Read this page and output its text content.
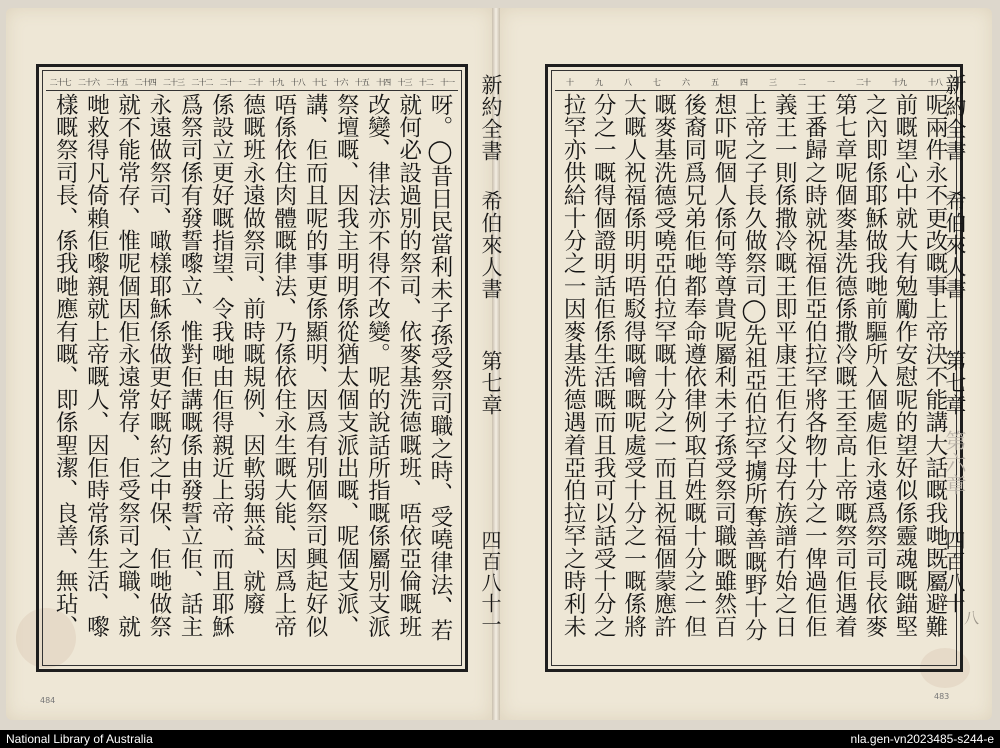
新約全書
希伯來人書
第七章
四百八十一
十一
十二
十三
十四
十五
十六
十七
十八
十九
二十
二十一
二十二
二十三
二十四
二十五
二十六
二十七
呀。◯昔日民當利未子孫受祭司職之時、受嘵律法、若
就何必設過別的祭司、依麥基洗德嘅班、唔依亞倫嘅班
改變、律法亦不得不改變。呢的說話所指嘅係屬別支派
祭壇嘅、因我主明明係從猶太個支派出嘅、呢個支派、
講、佢而且呢的事更係顯明、因爲有別個祭司興起好似
唔係依住肉體嘅律法、乃係依住永生嘅大能、因爲上帝
德嘅班永遠做祭司、前時嘅規例、因軟弱無益、就廢
係設立更好嘅指望、令我哋由佢得親近上帝、而且耶穌
爲祭司係有發誓嚟立、惟對佢講嘅係由發誓立佢、話主
永遠做祭司、噉樣耶穌係做更好嘅約之中保、佢哋做祭
就不能常存、惟呢個因佢永遠常存、佢受祭司之職、就
哋救得凡倚賴佢嚟親就上帝嘅人、因佢時常係生活、嚟
樣嘅祭司長、係我哋應有嘅、即係聖潔、良善、無玷、
十八
十九
二十
一
二
三
四
五
六
七
八
九
十
呢兩件永不更改嘅事上帝決不能講大話嘅我哋既屬避難
前嘅望心中就大有勉勵作安慰呢的望好似係靈魂嘅錨堅
之內即係耶穌做我哋前驅所入個處佢永遠爲祭司長依麥
第七章呢個麥基洗德係撒冷嘅王至高上帝嘅祭司佢遇着
王番歸之時就祝福佢亞伯拉罕將各物十分之一俾過佢佢
義王一則係撒冷嘅王即平康王佢冇父母冇族譜冇始之日
上帝之子長久做祭司◯先祖亞伯拉罕擄所奪善嘅野十分
想吓呢個人係何等尊貴呢屬利未子孫受祭司職嘅雖然百
後裔同爲兄弟佢哋都奉命遵依律例取百姓嘅十分之一但
嘅麥基洗德受嘵亞伯拉罕嘅十分之一而且祝福個蒙應許
大嘅人祝福係明明唔駁得嘅噲嘅呢處受十分之一嘅係將
分之一嘅得個證明話佢係生活嘅而且我可以話受十分之
拉罕亦供給十分之一因麥基洗德遇着亞伯拉罕之時利未
新約全書
希伯來人書
第七章
第六章
四百八十
八
484	483
National Library of Australia	nla.gen-vn2023485-s244-e
